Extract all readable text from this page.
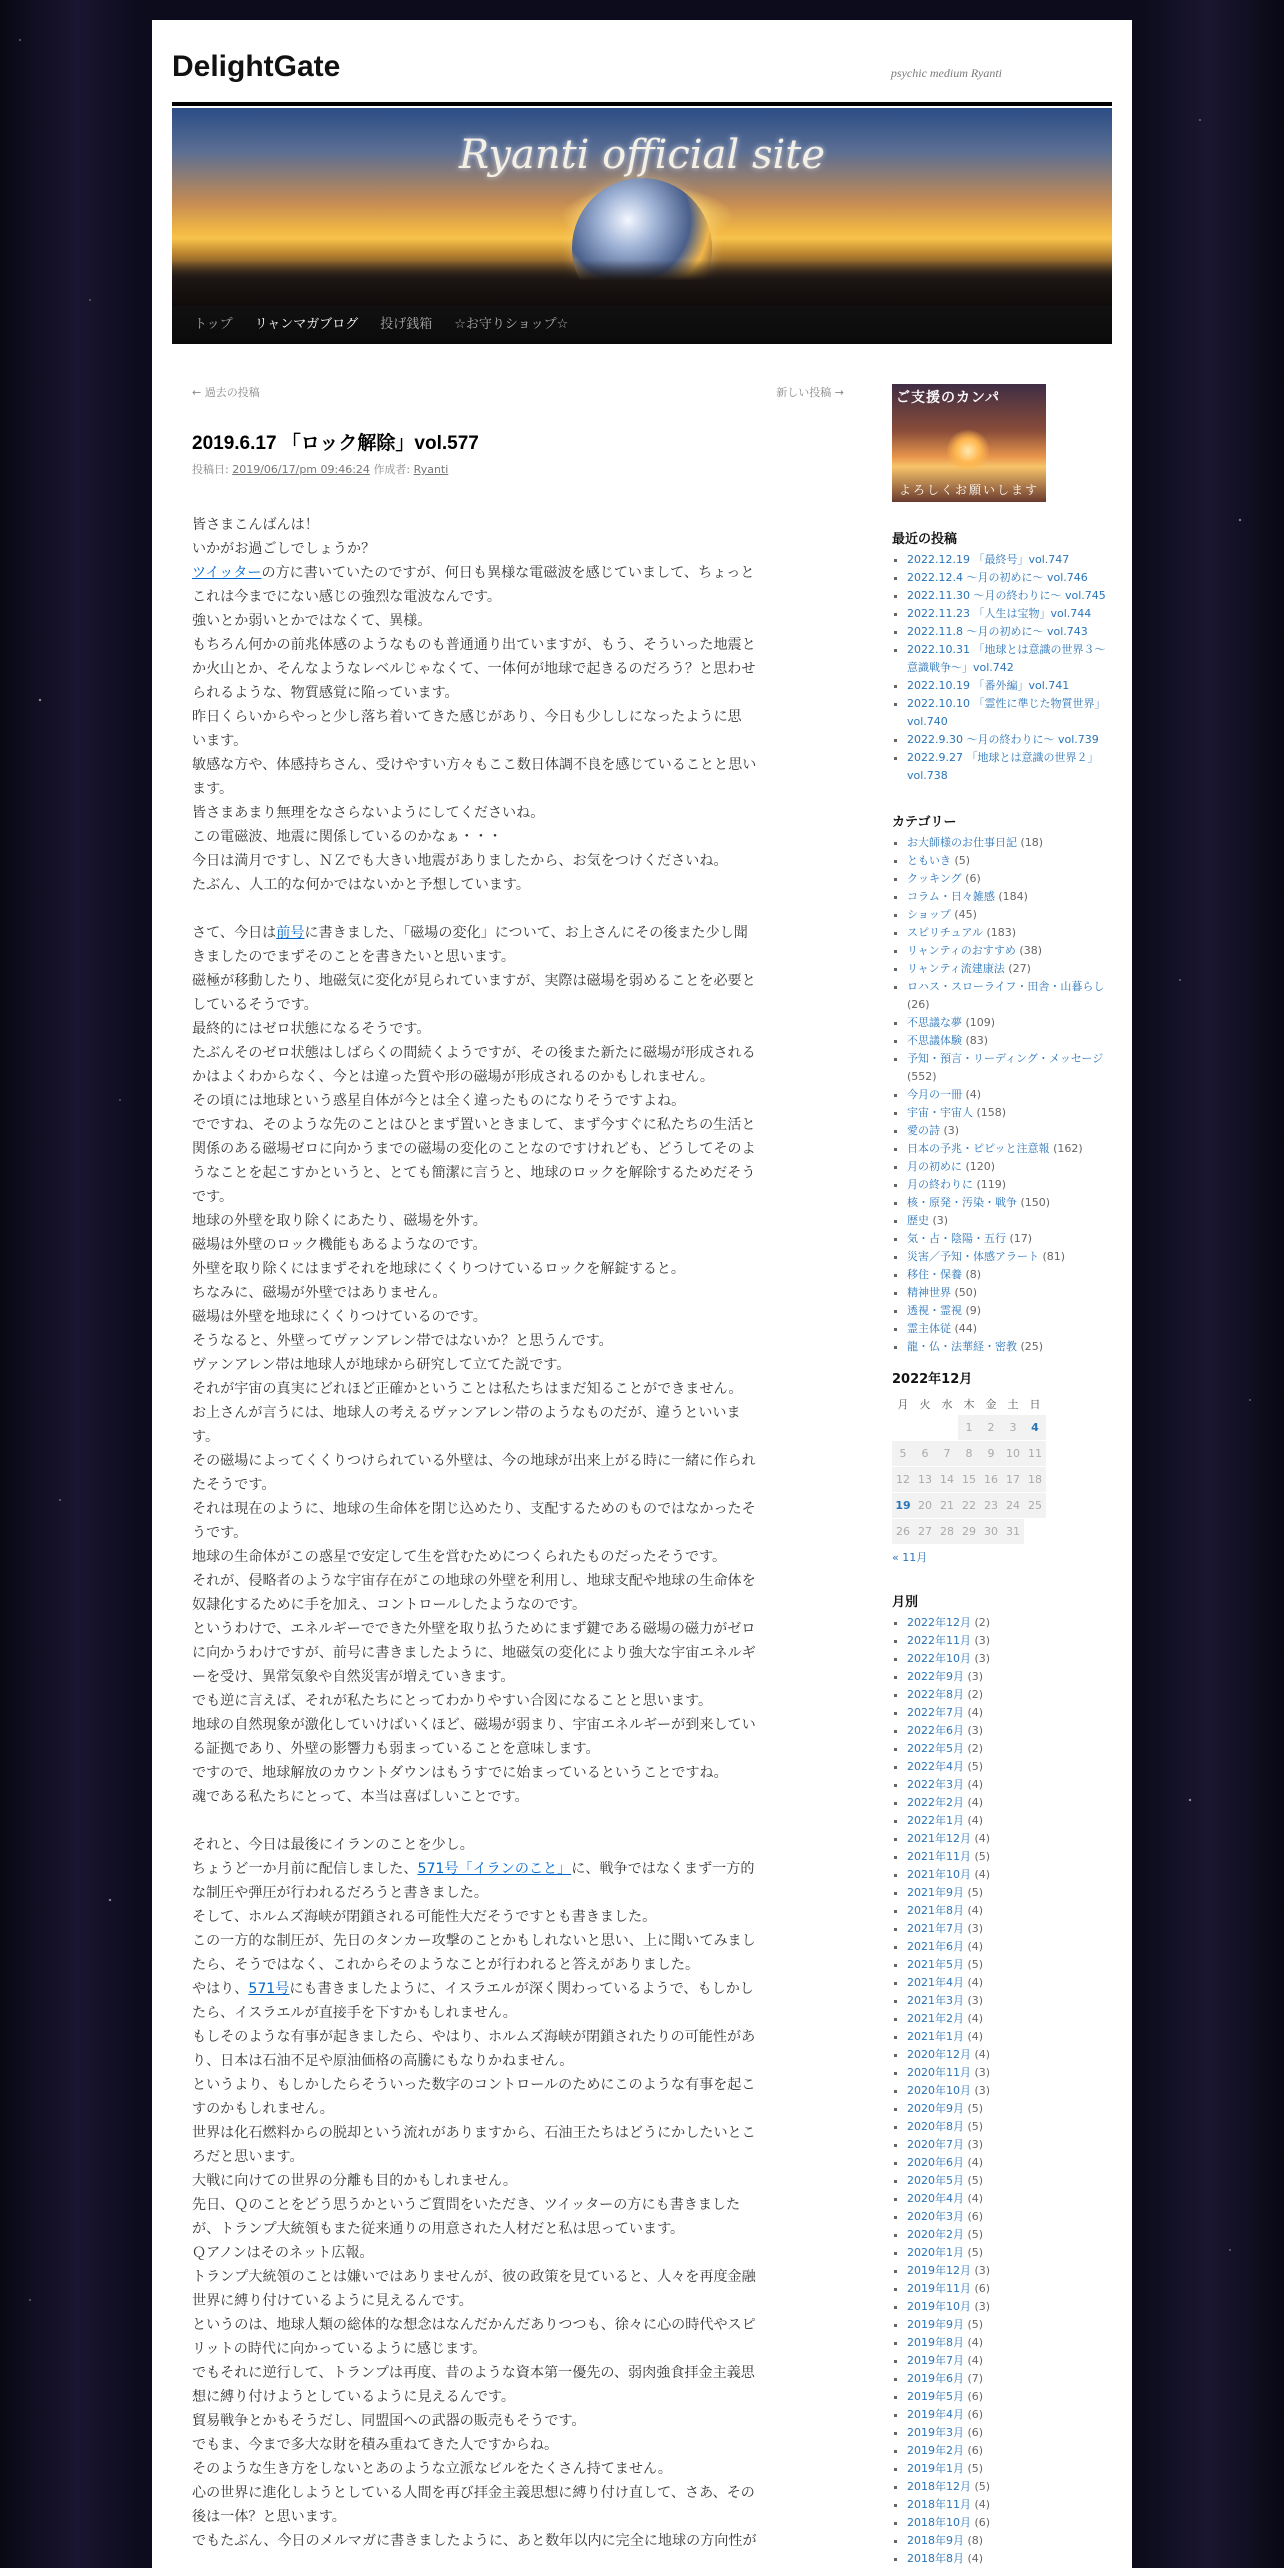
DelightGate	psychic medium Ryanti
Ryanti official site
トップ リャンマガブログ 投げ銭箱 ☆お守りショップ☆
← 過去の投稿	新しい投稿 →
2019.6.17 「ロック解除」vol.577
投稿日: 2019/06/17/pm 09:46:24 作成者: Ryanti

皆さまこんばんは！

いかがお過ごしでしょうか？

ツイッターの方に書いていたのですが、何日も異様な電磁波を感じていまして、ちょっと

これは今までにない感じの強烈な電波なんです。

強いとか弱いとかではなくて、異様。

もちろん何かの前兆体感のようなものも普通通り出ていますが、もう、そういった地震と

か火山とか、そんなようなレベルじゃなくて、一体何が地球で起きるのだろう？と思わせ

られるような、物質感覚に陥っています。

昨日くらいからやっと少し落ち着いてきた感じがあり、今日も少ししになったように思

います。

敏感な方や、体感持ちさん、受けやすい方々もここ数日体調不良を感じていることと思い

ます。

皆さまあまり無理をなさらないようにしてくださいね。

この電磁波、地震に関係しているのかなぁ・・・

今日は満月ですし、ＮＺでも大きい地震がありましたから、お気をつけくださいね。

たぶん、人工的な何かではないかと予想しています。

さて、今日は前号に書きました、「磁場の変化」について、お上さんにその後また少し聞

きましたのでまずそのことを書きたいと思います。

磁極が移動したり、地磁気に変化が見られていますが、実際は磁場を弱めることを必要と

しているそうです。

最終的にはゼロ状態になるそうです。

たぶんそのゼロ状態はしばらくの間続くようですが、その後また新たに磁場が形成される

かはよくわからなく、今とは違った質や形の磁場が形成されるのかもしれません。

その頃には地球という惑星自体が今とは全く違ったものになりそうですよね。

でですね、そのような先のことはひとまず置いときまして、まず今すぐに私たちの生活と

関係のある磁場ゼロに向かうまでの磁場の変化のことなのですけれども、どうしてそのよ

うなことを起こすかというと、とても簡潔に言うと、地球のロックを解除するためだそう

です。

地球の外壁を取り除くにあたり、磁場を外す。

磁場は外壁のロック機能もあるようなのです。

外壁を取り除くにはまずそれを地球にくくりつけているロックを解錠すると。

ちなみに、磁場が外壁ではありません。

磁場は外壁を地球にくくりつけているのです。

そうなると、外壁ってヴァンアレン帯ではないか？と思うんです。

ヴァンアレン帯は地球人が地球から研究して立てた説です。

それが宇宙の真実にどれほど正確かということは私たちはまだ知ることができません。

お上さんが言うには、地球人の考えるヴァンアレン帯のようなものだが、違うといいま

す。

その磁場によってくくりつけられている外壁は、今の地球が出来上がる時に一緒に作られ

たそうです。

それは現在のように、地球の生命体を閉じ込めたり、支配するためのものではなかったそ

うです。

地球の生命体がこの惑星で安定して生を営むためにつくられたものだったそうです。

それが、侵略者のような宇宙存在がこの地球の外壁を利用し、地球支配や地球の生命体を

奴隷化するために手を加え、コントロールしたようなのです。

というわけで、エネルギーでできた外壁を取り払うためにまず鍵である磁場の磁力がゼロ

に向かうわけですが、前号に書きましたように、地磁気の変化により強大な宇宙エネルギ

ーを受け、異常気象や自然災害が増えていきます。

でも逆に言えば、それが私たちにとってわかりやすい合図になることと思います。

地球の自然現象が激化していけばいくほど、磁場が弱まり、宇宙エネルギーが到来してい

る証拠であり、外壁の影響力も弱まっていることを意味します。

ですので、地球解放のカウントダウンはもうすでに始まっているということですね。

魂である私たちにとって、本当は喜ばしいことです。

それと、今日は最後にイランのことを少し。

ちょうど一か月前に配信しました、571号「イランのこと」に、戦争ではなくまず一方的

な制圧や弾圧が行われるだろうと書きました。

そして、ホルムズ海峡が閉鎖される可能性大だそうですとも書きました。

この一方的な制圧が、先日のタンカー攻撃のことかもしれないと思い、上に聞いてみまし

たら、そうではなく、これからそのようなことが行われると答えがありました。

やはり、571号にも書きましたように、イスラエルが深く関わっているようで、もしかし

たら、イスラエルが直接手を下すかもしれません。

もしそのような有事が起きましたら、やはり、ホルムズ海峡が閉鎖されたりの可能性があ

り、日本は石油不足や原油価格の高騰にもなりかねません。

というより、もしかしたらそういった数字のコントロールのためにこのような有事を起こ

すのかもしれません。

世界は化石燃料からの脱却という流れがありますから、石油王たちはどうにかしたいとこ

ろだと思います。

大戦に向けての世界の分離も目的かもしれません。

先日、Ｑのことをどう思うかというご質問をいただき、ツイッターの方にも書きました

が、トランプ大統領もまた従来通りの用意された人材だと私は思っています。

Ｑアノンはそのネット広報。

トランプ大統領のことは嫌いではありませんが、彼の政策を見ていると、人々を再度金融

世界に縛り付けているように見えるんです。

というのは、地球人類の総体的な想念はなんだかんだありつつも、徐々に心の時代やスピ

リットの時代に向かっているように感じます。

でもそれに逆行して、トランプは再度、昔のような資本第一優先の、弱肉強食拝金主義思

想に縛り付けようとしているように見えるんです。

貿易戦争とかもそうだし、同盟国への武器の販売もそうです。

でもま、今まで多大な財を積み重ねてきた人ですからね。

そのような生き方をしないとあのような立派なビルをたくさん持てません。

心の世界に進化しようとしている人間を再び拝金主義思想に縛り付け直して、さあ、その

後は一体？と思います。

でもたぶん、今日のメルマガに書きましたように、あと数年以内に完全に地球の方向性が

ご支援のカンパ
よろしくお願いします
最近の投稿
▪ 2022.12.19 「最終号」vol.747
▪ 2022.12.4 ～月の初めに～ vol.746
▪ 2022.11.30 ～月の終わりに～ vol.745
▪ 2022.11.23 「人生は宝物」vol.744
▪ 2022.11.8 ～月の初めに～ vol.743
▪ 2022.10.31 「地球とは意識の世界３～意識戦争～」vol.742
▪ 2022.10.19 「番外編」vol.741
▪ 2022.10.10 「霊性に準じた物質世界」vol.740
▪ 2022.9.30 ～月の終わりに～ vol.739
▪ 2022.9.27 「地球とは意識の世界２」vol.738
カテゴリー
▪ お大師様のお仕事日記 (18)
▪ ともいき (5)
▪ クッキング (6)
▪ コラム・日々雑感 (184)
▪ ショップ (45)
▪ スピリチュアル (183)
▪ リャンティのおすすめ (38)
▪ リャンティ流建康法 (27)
▪ ロハス・スローライフ・田舎・山暮らし (26)
▪ 不思議な夢 (109)
▪ 不思議体験 (83)
▪ 予知・預言・リーディング・メッセージ (552)
▪ 今月の一冊 (4)
▪ 宇宙・宇宙人 (158)
▪ 愛の詩 (3)
▪ 日本の予兆・ピピッと注意報 (162)
▪ 月の初めに (120)
▪ 月の終わりに (119)
▪ 核・原発・汚染・戦争 (150)
▪ 歴史 (3)
▪ 気・占・陰陽・五行 (17)
▪ 災害／予知・体感アラート (81)
▪ 移住・保養 (8)
▪ 精神世界 (50)
▪ 透視・霊視 (9)
▪ 霊主体従 (44)
▪ 龍・仏・法華経・密教 (25)
2022年12月
月	火	水	木	金	土	日
			1	2	3	4
5	6	7	8	9	10	11
12	13	14	15	16	17	18
19	20	21	22	23	24	25
26	27	28	29	30	31	
« 11月
月別
▪ 2022年12月 (2)
▪ 2022年11月 (3)
▪ 2022年10月 (3)
▪ 2022年9月 (3)
▪ 2022年8月 (2)
▪ 2022年7月 (4)
▪ 2022年6月 (3)
▪ 2022年5月 (2)
▪ 2022年4月 (5)
▪ 2022年3月 (4)
▪ 2022年2月 (4)
▪ 2022年1月 (4)
▪ 2021年12月 (4)
▪ 2021年11月 (5)
▪ 2021年10月 (4)
▪ 2021年9月 (5)
▪ 2021年8月 (4)
▪ 2021年7月 (3)
▪ 2021年6月 (4)
▪ 2021年5月 (5)
▪ 2021年4月 (4)
▪ 2021年3月 (3)
▪ 2021年2月 (4)
▪ 2021年1月 (4)
▪ 2020年12月 (4)
▪ 2020年11月 (3)
▪ 2020年10月 (3)
▪ 2020年9月 (5)
▪ 2020年8月 (5)
▪ 2020年7月 (3)
▪ 2020年6月 (4)
▪ 2020年5月 (5)
▪ 2020年4月 (4)
▪ 2020年3月 (6)
▪ 2020年2月 (5)
▪ 2020年1月 (5)
▪ 2019年12月 (3)
▪ 2019年11月 (6)
▪ 2019年10月 (3)
▪ 2019年9月 (5)
▪ 2019年8月 (4)
▪ 2019年7月 (4)
▪ 2019年6月 (7)
▪ 2019年5月 (6)
▪ 2019年4月 (6)
▪ 2019年3月 (6)
▪ 2019年2月 (6)
▪ 2019年1月 (5)
▪ 2018年12月 (5)
▪ 2018年11月 (4)
▪ 2018年10月 (6)
▪ 2018年9月 (8)
▪ 2018年8月 (4)
